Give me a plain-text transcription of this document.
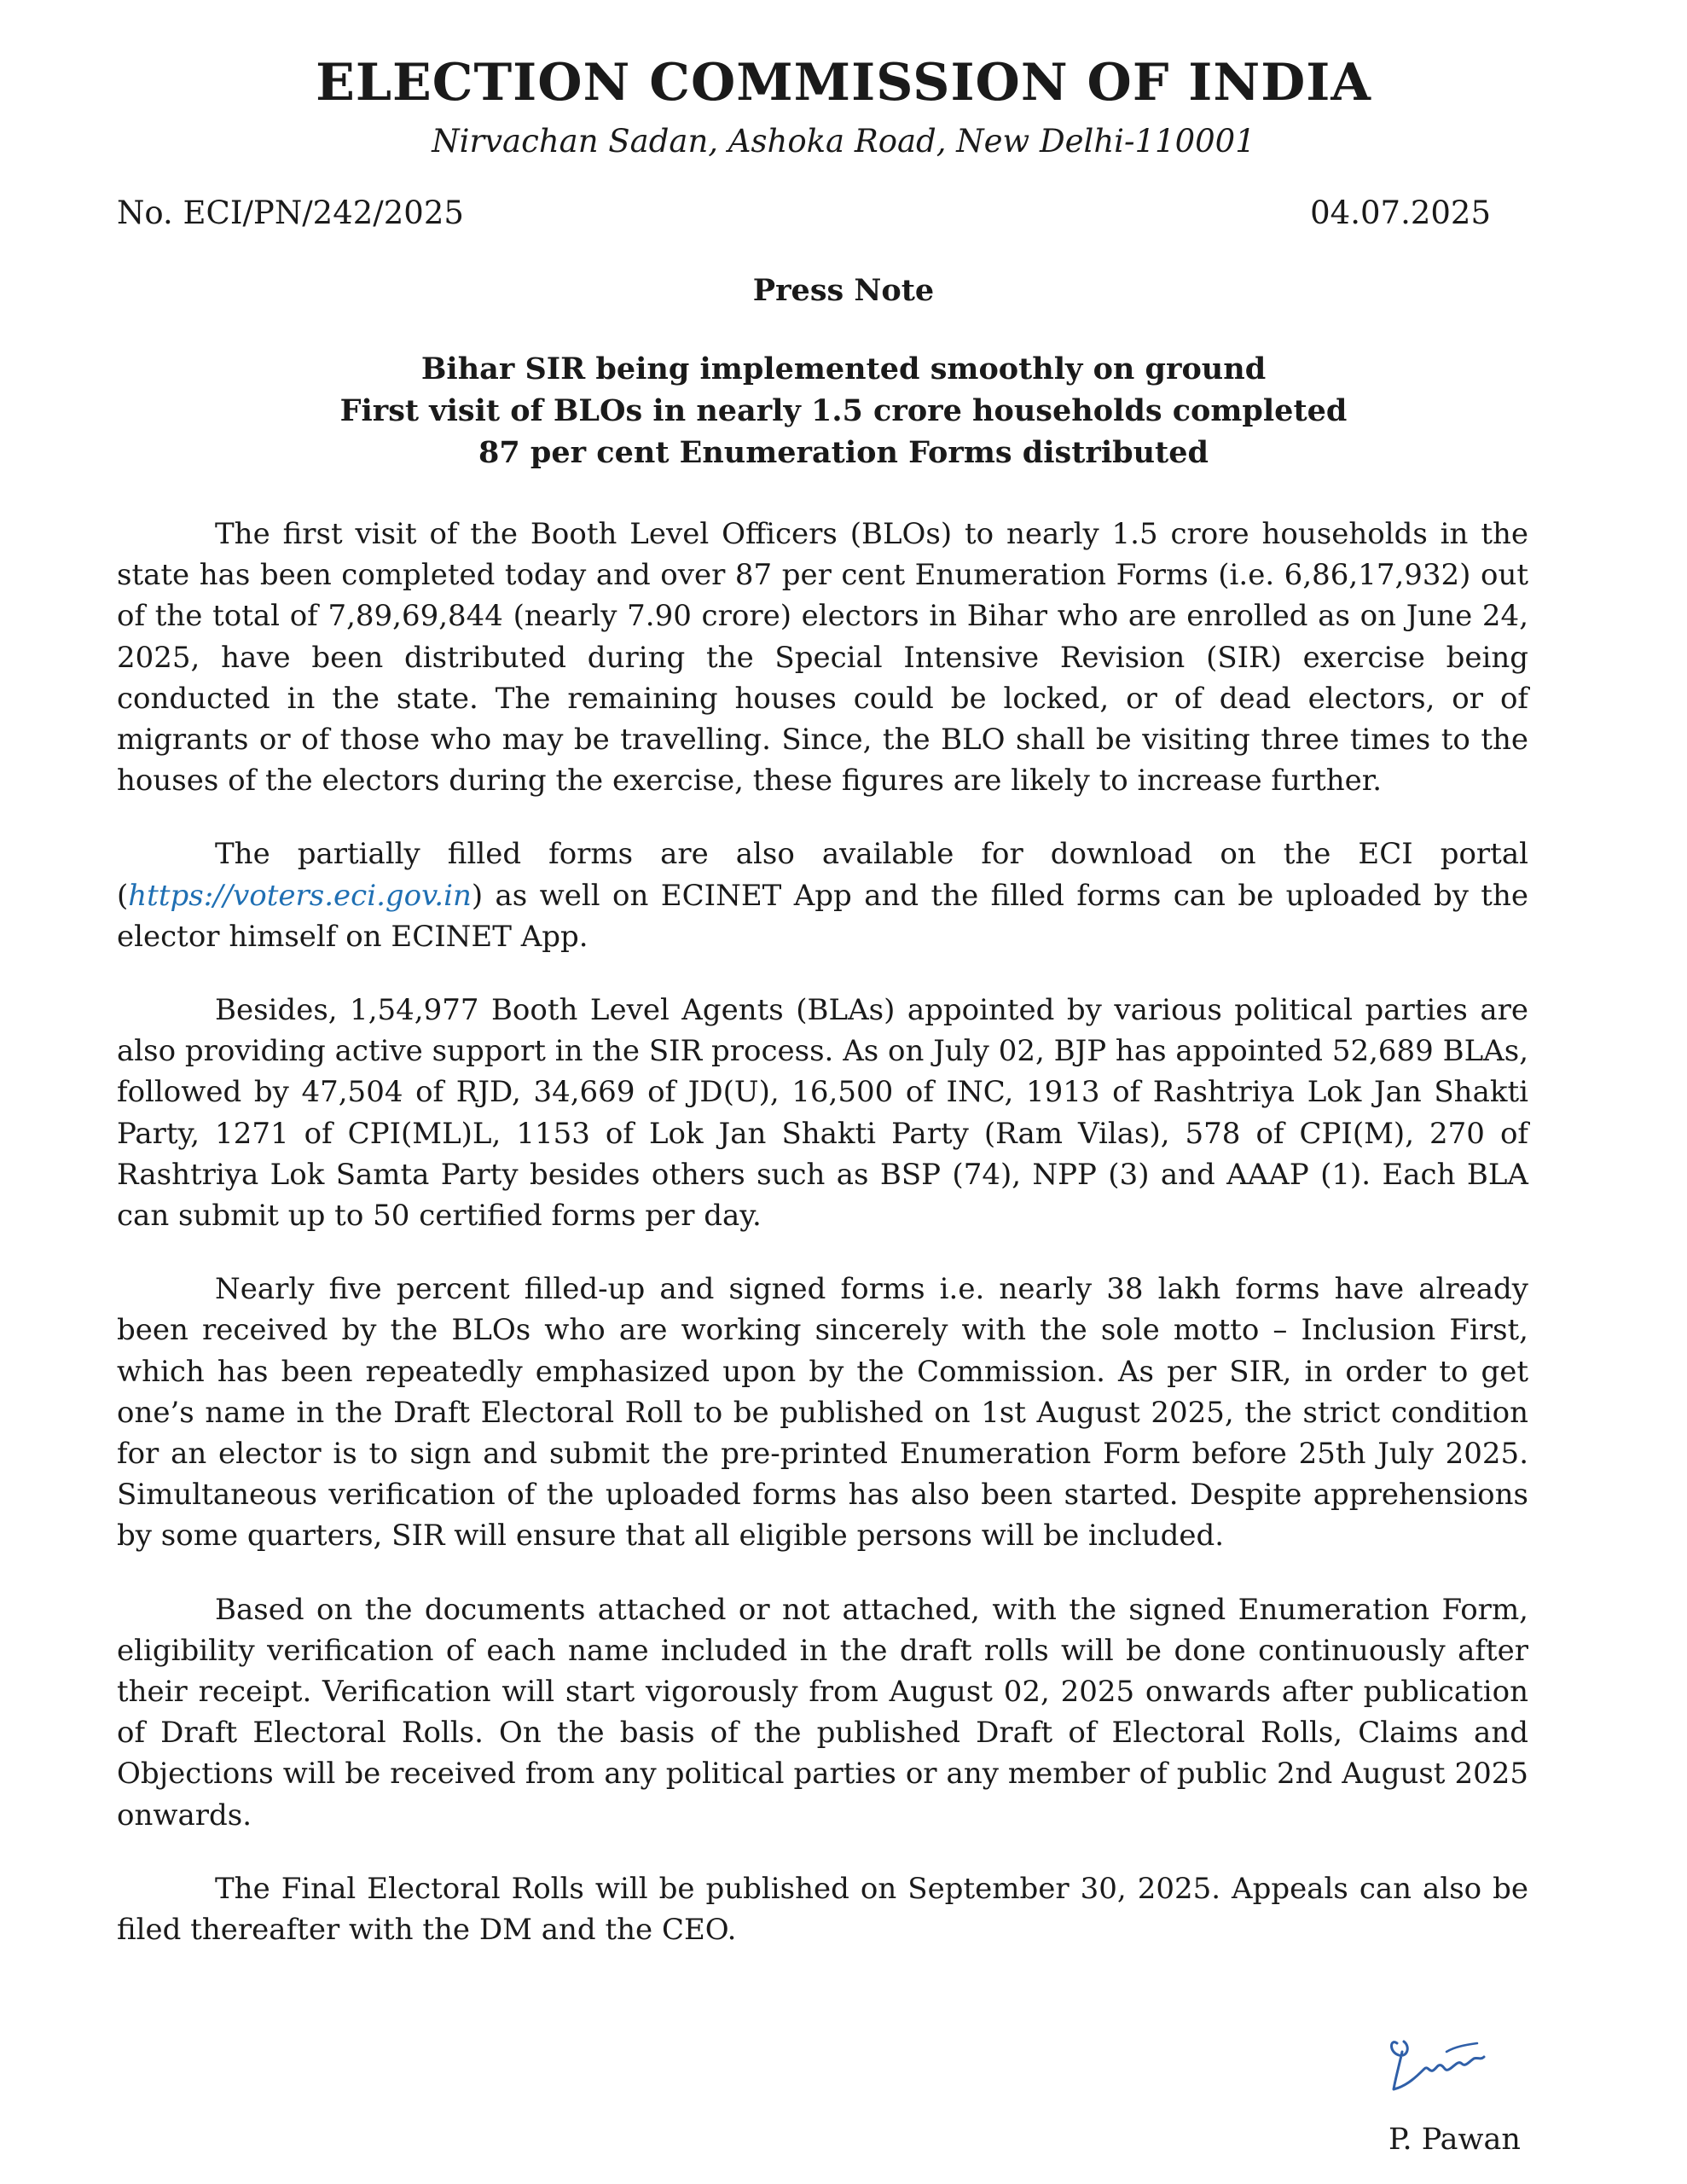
ELECTION COMMISSION OF INDIA

Nirvachan Sadan, Ashoka Road, New Delhi-110001

No. ECI/PN/242/2025	04.07.2025

Press Note

Bihar SIR being implemented smoothly on ground
First visit of BLOs in nearly 1.5 crore households completed
87 per cent Enumeration Forms distributed

The first visit of the Booth Level Officers (BLOs) to nearly 1.5 crore households in the state has been completed today and over 87 per cent Enumeration Forms (i.e. 6,86,17,932) out of the total of 7,89,69,844 (nearly 7.90 crore) electors in Bihar who are enrolled as on June 24, 2025, have been distributed during the Special Intensive Revision (SIR) exercise being conducted in the state. The remaining houses could be locked, or of dead electors, or of migrants or of those who may be travelling. Since, the BLO shall be visiting three times to the houses of the electors during the exercise, these figures are likely to increase further.

The partially filled forms are also available for download on the ECI portal (https://voters.eci.gov.in) as well on ECINET App and the filled forms can be uploaded by the elector himself on ECINET App.

Besides, 1,54,977 Booth Level Agents (BLAs) appointed by various political parties are also providing active support in the SIR process. As on July 02, BJP has appointed 52,689 BLAs, followed by 47,504 of RJD, 34,669 of JD(U), 16,500 of INC, 1913 of Rashtriya Lok Jan Shakti Party, 1271 of CPI(ML)L, 1153 of Lok Jan Shakti Party (Ram Vilas), 578 of CPI(M), 270 of Rashtriya Lok Samta Party besides others such as BSP (74), NPP (3) and AAAP (1). Each BLA can submit up to 50 certified forms per day.

Nearly five percent filled-up and signed forms i.e. nearly 38 lakh forms have already been received by the BLOs who are working sincerely with the sole motto – Inclusion First, which has been repeatedly emphasized upon by the Commission. As per SIR, in order to get one’s name in the Draft Electoral Roll to be published on 1st August 2025, the strict condition for an elector is to sign and submit the pre-printed Enumeration Form before 25th July 2025. Simultaneous verification of the uploaded forms has also been started. Despite apprehensions by some quarters, SIR will ensure that all eligible persons will be included.

Based on the documents attached or not attached, with the signed Enumeration Form, eligibility verification of each name included in the draft rolls will be done continuously after their receipt. Verification will start vigorously from August 02, 2025 onwards after publication of Draft Electoral Rolls. On the basis of the published Draft of Electoral Rolls, Claims and Objections will be received from any political parties or any member of public 2nd August 2025 onwards.

The Final Electoral Rolls will be published on September 30, 2025. Appeals can also be filed thereafter with the DM and the CEO.

P. Pawan
